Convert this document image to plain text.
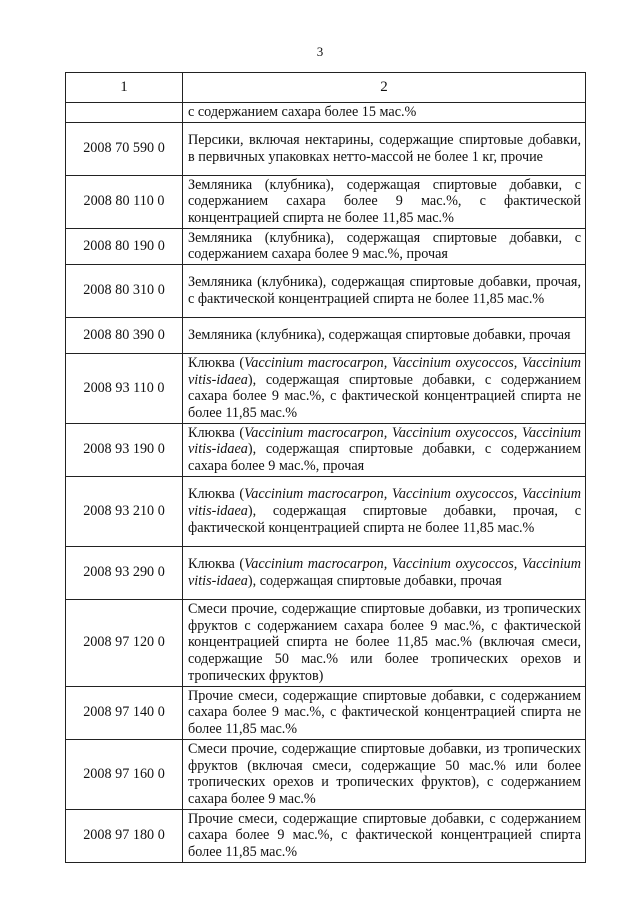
3
1	2
	с содержанием сахара более 15 мас.%
2008 70 590 0	Персики, включая нектарины, содержащие спиртовые добавки, в первичных упаковках нетто-массой не более 1 кг, прочие
2008 80 110 0	Земляника (клубника), содержащая спиртовые добавки, с содержанием сахара более 9 мас.%, с фактической концентрацией спирта не более 11,85 мас.%
2008 80 190 0	Земляника (клубника), содержащая спиртовые добавки, с содержанием сахара более 9 мас.%, прочая
2008 80 310 0	Земляника (клубника), содержащая спиртовые добавки, прочая, с фактической концентрацией спирта не более 11,85 мас.%
2008 80 390 0	Земляника (клубника), содержащая спиртовые добавки, прочая
2008 93 110 0	Клюква (Vaccinium macrocarpon, Vaccinium oxycoccos, Vaccinium vitis-idaea), содержащая спиртовые добавки, с содержанием сахара более 9 мас.%, с фактической концентрацией спирта не более 11,85 мас.%
2008 93 190 0	Клюква (Vaccinium macrocarpon, Vaccinium oxycoccos, Vaccinium vitis-idaea), содержащая спиртовые добавки, с содержанием сахара более 9 мас.%, прочая
2008 93 210 0	Клюква (Vaccinium macrocarpon, Vaccinium oxycoccos, Vaccinium vitis-idaea), содержащая спиртовые добавки, прочая, с фактической концентрацией спирта не более 11,85 мас.%
2008 93 290 0	Клюква (Vaccinium macrocarpon, Vaccinium oxycoccos, Vaccinium vitis-idaea), содержащая спиртовые добавки, прочая
2008 97 120 0	Смеси прочие, содержащие спиртовые добавки, из тропических фруктов с содержанием сахара более 9 мас.%, с фактической концентрацией спирта не более 11,85 мас.% (включая смеси, содержащие 50 мас.% или более тропических орехов и тропических фруктов)
2008 97 140 0	Прочие смеси, содержащие спиртовые добавки, с содержанием сахара более 9 мас.%, с фактической концентрацией спирта не более 11,85 мас.%
2008 97 160 0	Смеси прочие, содержащие спиртовые добавки, из тропических фруктов (включая смеси, содержащие 50 мас.% или более тропических орехов и тропических фруктов), с содержанием сахара более 9 мас.%
2008 97 180 0	Прочие смеси, содержащие спиртовые добавки, с содержанием сахара более 9 мас.%, с фактической концентрацией спирта более 11,85 мас.%
